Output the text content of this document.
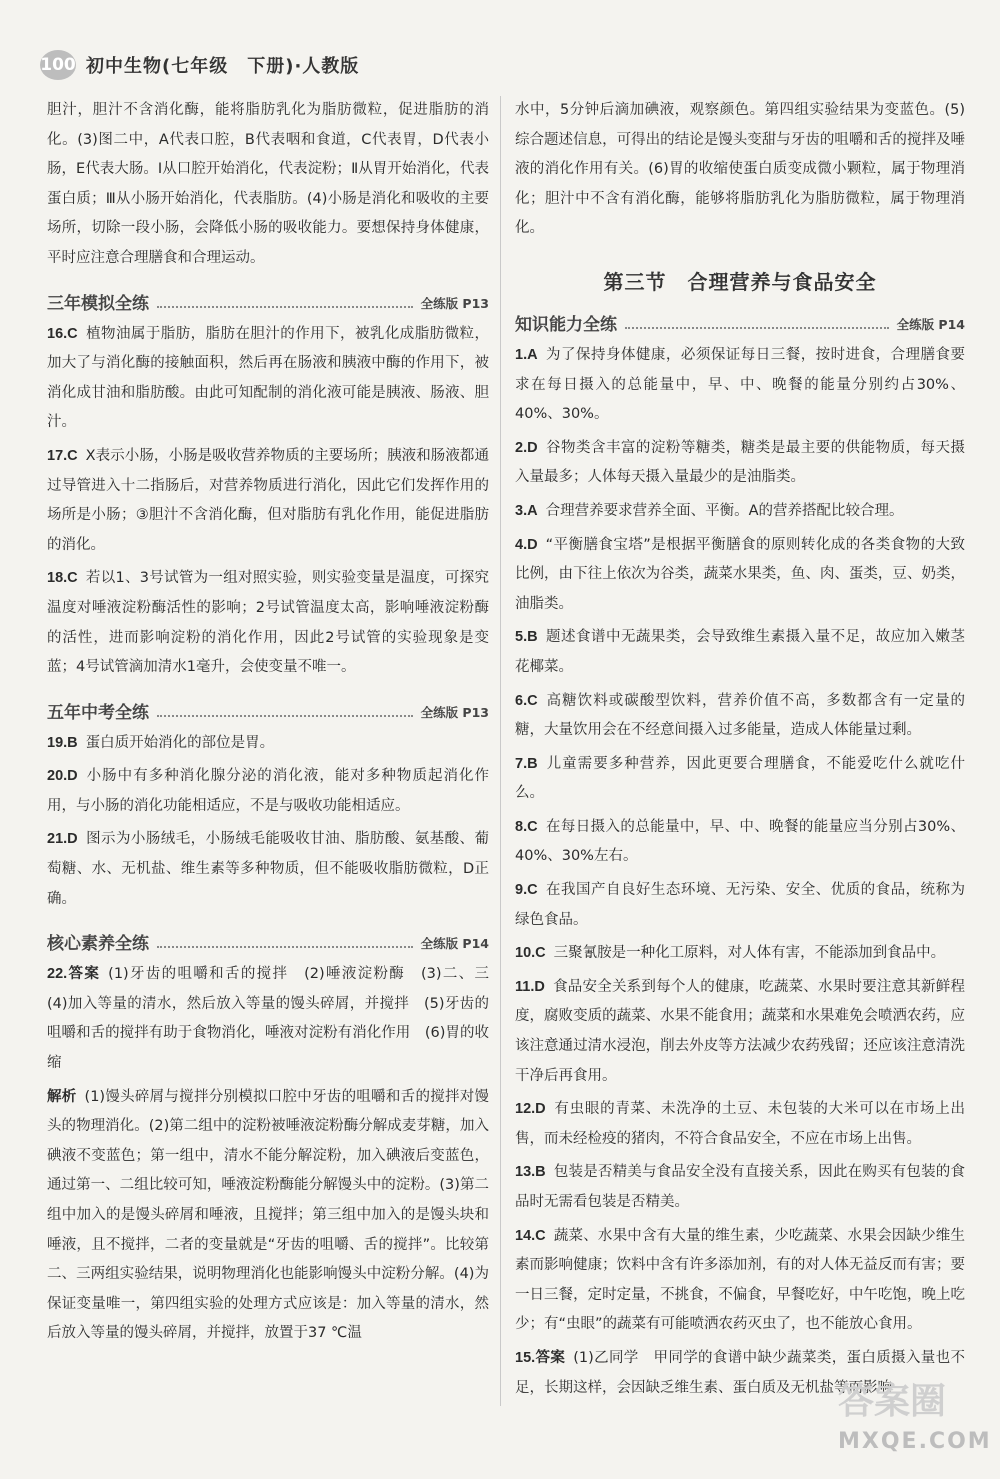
100 初中生物(七年级　下册)·人教版

胆汁，胆汁不含消化酶，能将脂肪乳化为脂肪微粒，促进脂肪的消化。(3)图二中，A代表口腔，B代表咽和食道，C代表胃，D代表小肠，E代表大肠。Ⅰ从口腔开始消化，代表淀粉；Ⅱ从胃开始消化，代表蛋白质；Ⅲ从小肠开始消化，代表脂肪。(4)小肠是消化和吸收的主要场所，切除一段小肠，会降低小肠的吸收能力。要想保持身体健康，平时应注意合理膳食和合理运动。

三年模拟全练	全练版 P13

16.C 植物油属于脂肪，脂肪在胆汁的作用下，被乳化成脂肪微粒，加大了与消化酶的接触面积，然后再在肠液和胰液中酶的作用下，被消化成甘油和脂肪酸。由此可知配制的消化液可能是胰液、肠液、胆汁。

17.C X表示小肠，小肠是吸收营养物质的主要场所；胰液和肠液都通过导管进入十二指肠后，对营养物质进行消化，因此它们发挥作用的场所是小肠；③胆汁不含消化酶，但对脂肪有乳化作用，能促进脂肪的消化。

18.C 若以1、3号试管为一组对照实验，则实验变量是温度，可探究温度对唾液淀粉酶活性的影响；2号试管温度太高，影响唾液淀粉酶的活性，进而影响淀粉的消化作用，因此2号试管的实验现象是变蓝；4号试管滴加清水1毫升，会使变量不唯一。

五年中考全练	全练版 P13

19.B 蛋白质开始消化的部位是胃。

20.D 小肠中有多种消化腺分泌的消化液，能对多种物质起消化作用，与小肠的消化功能相适应，不是与吸收功能相适应。

21.D 图示为小肠绒毛，小肠绒毛能吸收甘油、脂肪酸、氨基酸、葡萄糖、水、无机盐、维生素等多种物质，但不能吸收脂肪微粒，D正确。

核心素养全练	全练版 P14

22.答案 (1)牙齿的咀嚼和舌的搅拌　(2)唾液淀粉酶　(3)二、三　(4)加入等量的清水，然后放入等量的馒头碎屑，并搅拌　(5)牙齿的咀嚼和舌的搅拌有助于食物消化，唾液对淀粉有消化作用　(6)胃的收缩

解析 (1)馒头碎屑与搅拌分别模拟口腔中牙齿的咀嚼和舌的搅拌对馒头的物理消化。(2)第二组中的淀粉被唾液淀粉酶分解成麦芽糖，加入碘液不变蓝色；第一组中，清水不能分解淀粉，加入碘液后变蓝色，通过第一、二组比较可知，唾液淀粉酶能分解馒头中的淀粉。(3)第二组中加入的是馒头碎屑和唾液，且搅拌；第三组中加入的是馒头块和唾液，且不搅拌，二者的变量就是“牙齿的咀嚼、舌的搅拌”。比较第二、三两组实验结果，说明物理消化也能影响馒头中淀粉分解。(4)为保证变量唯一，第四组实验的处理方式应该是：加入等量的清水，然后放入等量的馒头碎屑，并搅拌，放置于37 ℃温

水中，5分钟后滴加碘液，观察颜色。第四组实验结果为变蓝色。(5)综合题述信息，可得出的结论是馒头变甜与牙齿的咀嚼和舌的搅拌及唾液的消化作用有关。(6)胃的收缩使蛋白质变成微小颗粒，属于物理消化；胆汁中不含有消化酶，能够将脂肪乳化为脂肪微粒，属于物理消化。

第三节　合理营养与食品安全
知识能力全练	全练版 P14

1.A 为了保持身体健康，必须保证每日三餐，按时进食，合理膳食要求在每日摄入的总能量中，早、中、晚餐的能量分别约占30%、40%、30%。

2.D 谷物类含丰富的淀粉等糖类，糖类是最主要的供能物质，每天摄入量最多；人体每天摄入量最少的是油脂类。

3.A 合理营养要求营养全面、平衡。A的营养搭配比较合理。

4.D “平衡膳食宝塔”是根据平衡膳食的原则转化成的各类食物的大致比例，由下往上依次为谷类，蔬菜水果类，鱼、肉、蛋类，豆、奶类，油脂类。

5.B 题述食谱中无蔬果类，会导致维生素摄入量不足，故应加入嫩茎花椰菜。

6.C 高糖饮料或碳酸型饮料，营养价值不高，多数都含有一定量的糖，大量饮用会在不经意间摄入过多能量，造成人体能量过剩。

7.B 儿童需要多种营养，因此更要合理膳食，不能爱吃什么就吃什么。

8.C 在每日摄入的总能量中，早、中、晚餐的能量应当分别占30%、40%、30%左右。

9.C 在我国产自良好生态环境、无污染、安全、优质的食品，统称为绿色食品。

10.C 三聚氰胺是一种化工原料，对人体有害，不能添加到食品中。

11.D 食品安全关系到每个人的健康，吃蔬菜、水果时要注意其新鲜程度，腐败变质的蔬菜、水果不能食用；蔬菜和水果难免会喷洒农药，应该注意通过清水浸泡，削去外皮等方法减少农药残留；还应该注意清洗干净后再食用。

12.D 有虫眼的青菜、未洗净的土豆、未包装的大米可以在市场上出售，而未经检疫的猪肉，不符合食品安全，不应在市场上出售。

13.B 包装是否精美与食品安全没有直接关系，因此在购买有包装的食品时无需看包装是否精美。

14.C 蔬菜、水果中含有大量的维生素，少吃蔬菜、水果会因缺少维生素而影响健康；饮料中含有许多添加剂，有的对人体无益反而有害；要一日三餐，定时定量，不挑食，不偏食，早餐吃好，中午吃饱，晚上吃少；有“虫眼”的蔬菜有可能喷洒农药灭虫了，也不能放心食用。

15.答案 (1)乙同学　甲同学的食谱中缺少蔬菜类，蛋白质摄入量也不足，长期这样，会因缺乏维生素、蛋白质及无机盐等而影响

答案圈
MXQE.COM
